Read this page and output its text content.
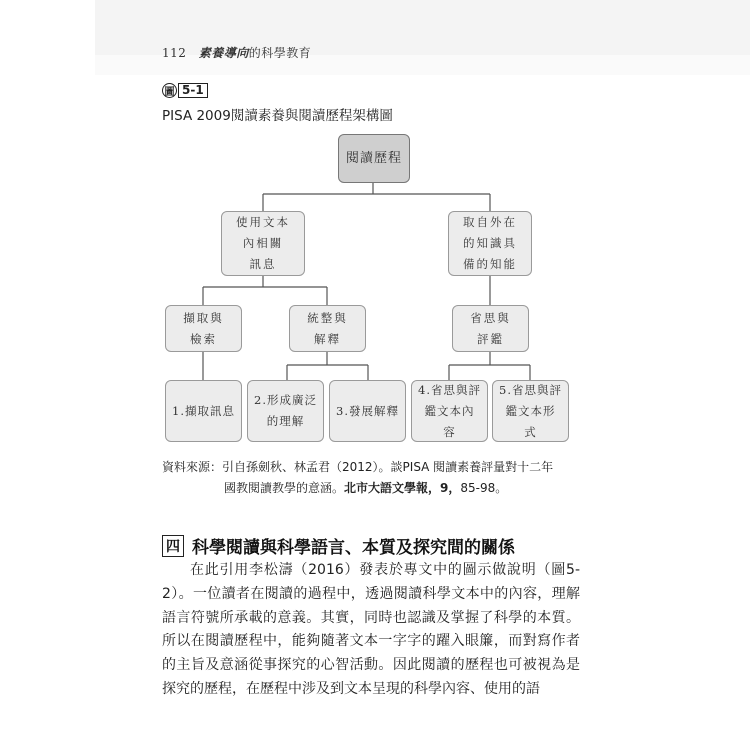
112 素養導向的科學教育
圖 5-1
PISA 2009閱讀素養與閱讀歷程架構圖
閱讀歷程
使用文本
內相關
訊息
取自外在
的知識具
備的知能
擷取與
檢索
統整與
解釋
省思與
評鑑
1.擷取訊息
2.形成廣泛
的理解
3.發展解釋
4.省思與評
鑑文本內
容
5.省思與評
鑑文本形
式
資料來源：引自孫劍秋、林孟君（2012）。談PISA 閱讀素養評量對十二年
國教閱讀教學的意涵。北市大語文學報，9，85-98。
四 科學閱讀與科學語言、本質及探究間的關係

在此引用李松濤（2016）發表於專文中的圖示做說明（圖5-2）。一位讀者在閱讀的過程中，透過閱讀科學文本中的內容，理解語言符號所承載的意義。其實，同時也認識及掌握了科學的本質。所以在閱讀歷程中，能夠隨著文本一字字的躍入眼簾，而對寫作者的主旨及意涵從事探究的心智活動。因此閱讀的歷程也可被視為是探究的歷程，在歷程中涉及到文本呈現的科學內容、使用的語
